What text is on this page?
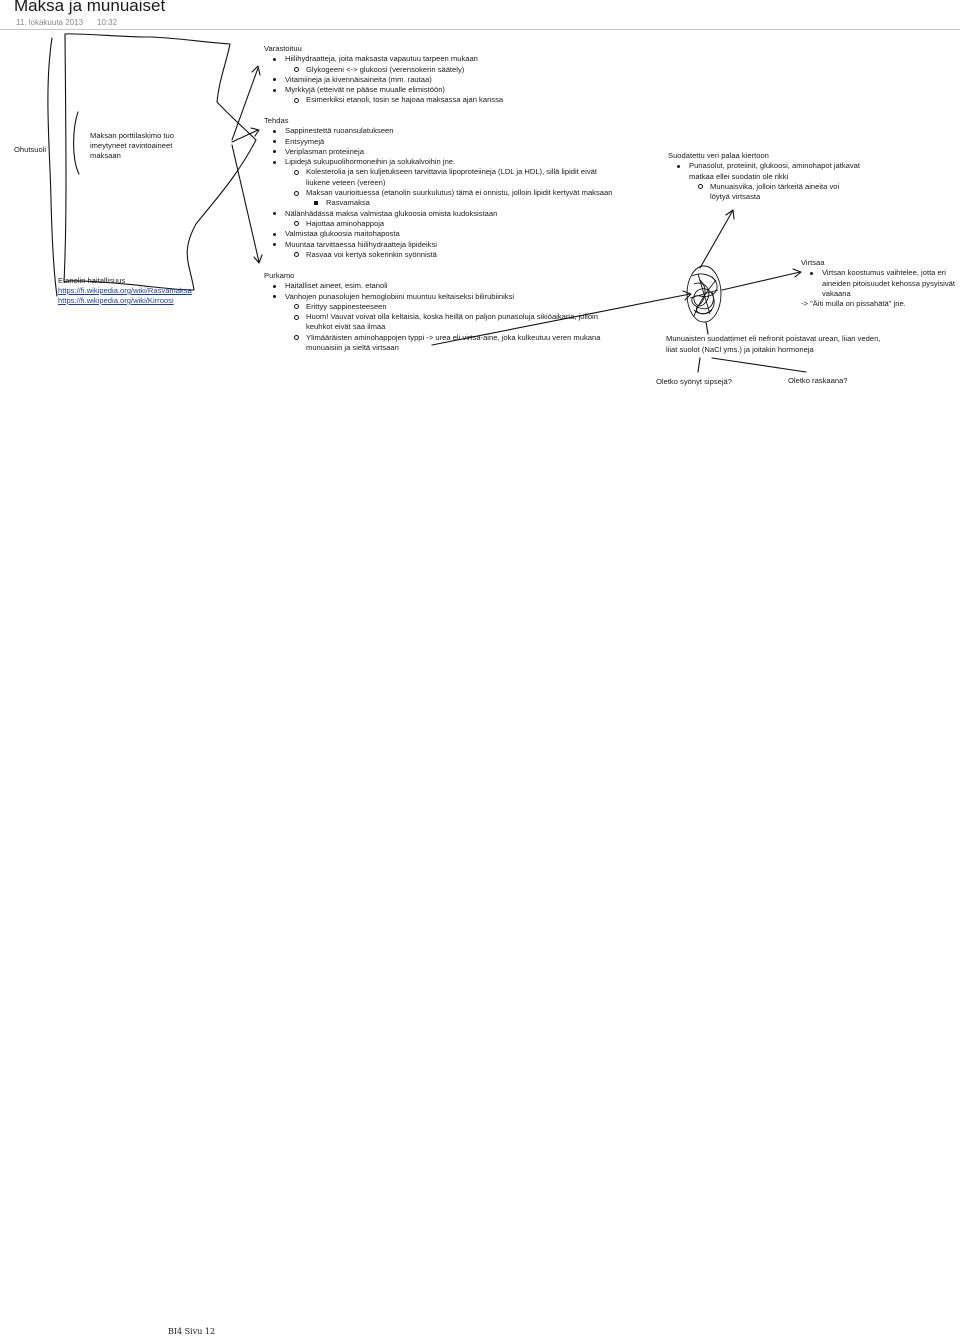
Maksa ja munuaiset
11. lokakuuta 2013 10:32
Ohutsuoli
Maksan porttilaskimo tuo
imeytyneet ravintoaineet
maksaan
Etanolin haitallisuus
https://fi.wikipedia.org/wiki/Rasvamaksa
https://fi.wikipedia.org/wiki/Kirroosi
Varastoituu
Hiilihydraatteja, joita maksasta vapautuu tarpeen mukaan
Glykogeeni <-> glukoosi (verensokerin säätely)
Vitamiineja ja kivennäisaineita (mm. rautaa)
Myrkkyjä (etteivät ne pääse muualle elimistöön)
Esimerkiksi etanoli, tosin se hajoaa maksassa ajan kanssa
Tehdas
Sappinestettä ruoansulatukseen
Entsyymejä
Veriplasman proteiineja
Lipidejä sukupuolihormoneihin ja solukalvoihin jne.
Kolesterolia ja sen kuljetukseen tarvittavia lipoproteiineja (LDL ja HDL), sillä lipidit eivät
liukene veteen (vereen)
Maksan vaurioituessa (etanolin suurkulutus) tämä ei onnistu, jolloin lipidit kertyvät maksaan
Rasvamaksa
Nälänhädässä maksa valmistaa glukoosia omista kudoksistaan
Hajottaa aminohappoja
Valmistaa glukoosia maitohaposta
Muuntaa tarvittaessa hiilihydraatteja lipideiksi
Rasvaa voi kertyä sokerinkin syönnistä
Purkamo
Haitalliset aineet, esim. etanoli
Vanhojen punasolujen hemoglobiini muuntuu keltaiseksi bilirubiiniksi
Erittyy sappinesteeseen
Huom! Vauvat voivat olla keltaisia, koska heillä on paljon punasoluja sikiöaikana, jolloin
keuhkot eivät saa ilmaa
Ylimääräisten aminohappojen typpi -> urea eli virtsa-aine, joka kulkeutuu veren mukana
munuaisiin ja sieltä virtsaan
Suodatettu veri palaa kiertoon
Punasolut, proteiinit, glukoosi, aminohapot jatkavat
matkaa ellei suodatin ole rikki
Munuaisvika, jolloin tärkeitä aineita voi
löytyä virtsasta
Virtsaa
Virtsan koostumus vaihtelee, jotta eri
aineiden pitoisuudet kehossa pysyisivät
vakaana
-> "Äiti mulla on pissahätä" jne.
Munuaisten suodattimet eli nefronit poistavat urean, liian veden,
liiat suolot (NaCl yms.) ja joitakin hormoneja
Oletko syönyt sipsejä?	Oletko raskaana?
BI4 Sivu 12
